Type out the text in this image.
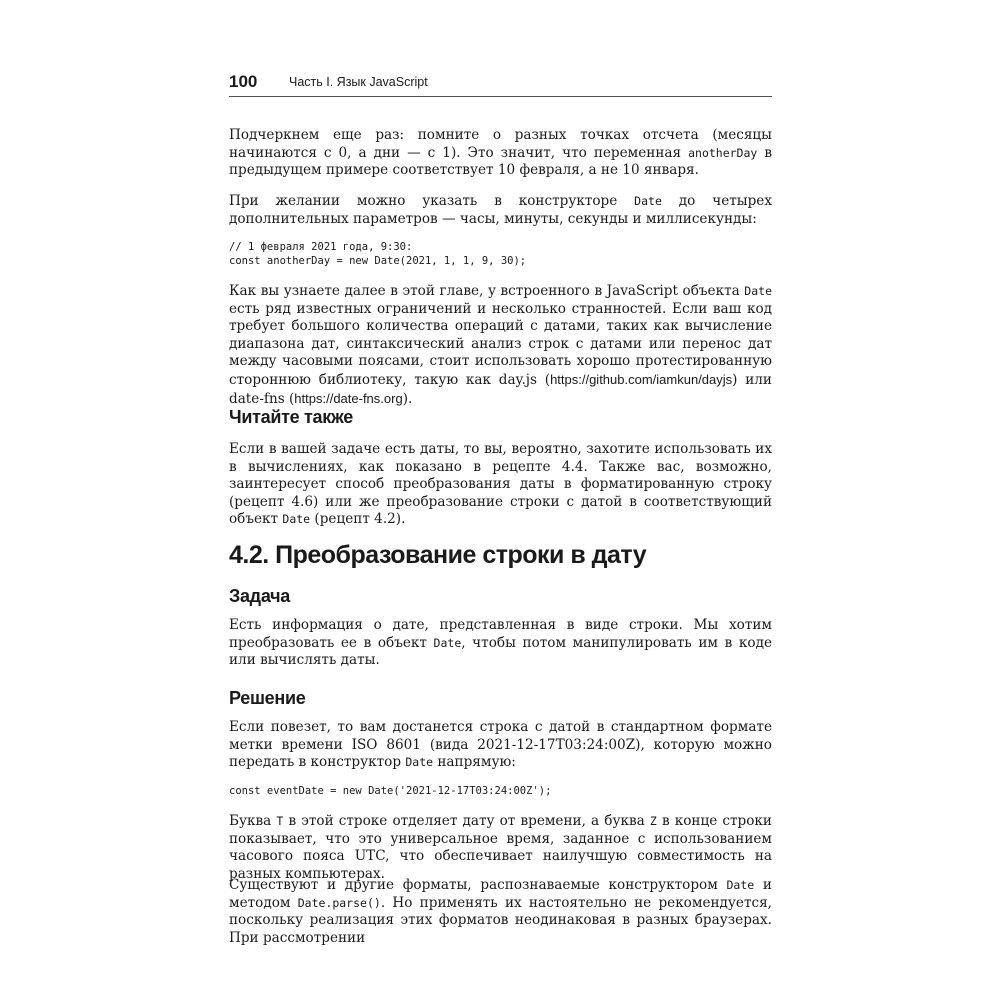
100	Часть I. Язык JavaScript

Подчеркнем еще раз: помните о разных точках отсчета (месяцы начинаются с 0, а дни — с 1). Это значит, что переменная anotherDay в предыдущем примере соответствует 10 февраля, а не 10 января.

При желании можно указать в конструкторе Date до четырех дополнительных параметров — часы, минуты, секунды и миллисекунды:

// 1 февраля 2021 года, 9:30:
const anotherDay = new Date(2021, 1, 1, 9, 30);

Как вы узнаете далее в этой главе, у встроенного в JavaScript объекта Date есть ряд известных ограничений и несколько странностей. Если ваш код требует большого количества операций с датами, таких как вычисление диапазона дат, синтаксический анализ строк с датами или перенос дат между часовыми поясами, стоит использовать хорошо протестированную стороннюю библиотеку, такую как day.js (https://github.com/iamkun/dayjs) или date-fns (https://date-fns.org).

Читайте также

Если в вашей задаче есть даты, то вы, вероятно, захотите использовать их в вычислениях, как показано в рецепте 4.4. Также вас, возможно, заинтересует способ преобразования даты в форматированную строку (рецепт 4.6) или же преобразование строки с датой в соответствующий объект Date (рецепт 4.2).

4.2. Преобразование строки в дату
Задача

Есть информация о дате, представленная в виде строки. Мы хотим преобразовать ее в объект Date, чтобы потом манипулировать им в коде или вычислять даты.

Решение

Если повезет, то вам достанется строка с датой в стандартном формате метки времени ISO 8601 (вида 2021-12-17T03:24:00Z), которую можно передать в конструктор Date напрямую:

const eventDate = new Date('2021-12-17T03:24:00Z');

Буква T в этой строке отделяет дату от времени, а буква Z в конце строки показывает, что это универсальное время, заданное с использованием часового пояса UTC, что обеспечивает наилучшую совместимость на разных компьютерах.

Существуют и другие форматы, распознаваемые конструктором Date и методом Date.parse(). Но применять их настоятельно не рекомендуется, поскольку реализация этих форматов неодинаковая в разных браузерах. При рассмотрении
